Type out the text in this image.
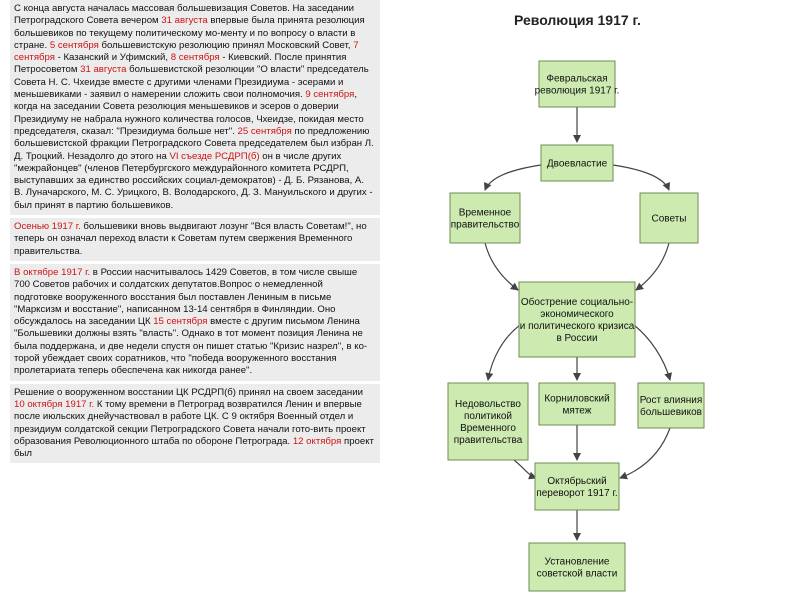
С конца августа началась массовая большевизация Советов. На заседании Петроградского Совета вечером 31 августа впервые была принята резолюция большевиков по текущему политическому мо-менту и по вопросу о власти в стране. 5 сентября большевистскую резолюцию принял Московский Совет, 7 сентября - Казанский и Уфимский, 8 сентября - Киевский. После принятия Петросоветом 31 августа большевистской резолюции "О власти" председатель Совета Н. С. Чхеидзе вместе с другими членами Президиума - эсерами и меньшевиками - заявил о намерении сложить свои полномочия. 9 сентября, когда на заседании Совета резолюция меньшевиков и эсеров о доверии Президиуму не набрала нужного количества голосов, Чхеидзе, покидая место председателя, сказал: "Президиума больше нет". 25 сентября по предложению большевистской фракции Петроградского Совета председателем был избран Л. Д. Троцкий. Незадолго до этого на VI съезде РСДРП(б) он в числе других "межрайонцев" (членов Петербургского междурайонного комитета РСДРП, выступавших за единство российских социал-демократов) - Д. Б. Рязанова, А. В. Луначарского, М. С. Урицкого, В. Володарского, Д. З. Мануильского и других - был принят в партию большевиков.
Осенью 1917 г. большевики вновь выдвигают лозунг "Вся власть Советам!", но теперь он означал переход власти к Советам путем свержения Временного правительства.
В октябре 1917 г. в России насчитывалось 1429 Советов, в том числе свыше 700 Советов рабочих и солдатских депутатов.Вопрос о немедленной подготовке вооруженного восстания был поставлен Лениным в письме "Марксизм и восстание", написанном 13-14 сентября в Финляндии. Оно обсуждалось на заседании ЦК 15 сентября вместе с другим письмом Ленина "Большевики должны взять "власть". Однако в тот момент позиция Ленина не была поддержана, и две недели спустя он пишет статью "Кризис назрел", в ко-торой убеждает своих соратников, что "победа вооруженного восстания пролетариата теперь обеспечена как никогда ранее".
Решение о вооруженном восстании ЦК РСДРП(б) принял на своем заседании 10 октября 1917 г. К тому времени в Петроград возвратился Ленин и впервые после июльских днейучаствовал в работе ЦК. С 9 октября Военный отдел и президиум солдатской секции Петроградского Совета начали гото-вить проект образования Революционного штаба по обороне Петрограда. 12 октября проект был
Революция 1917 г.
Февральская
революция 1917 г.
Двоевластие
Временное
правительство
Советы
Обострение социально-
экономического
и политического кризиса
в России
Недовольство
политикой
Временного
правительства
Корниловский
мятеж
Рост влияния
большевиков
Октябрьский
переворот 1917 г.
Установление
советской власти
